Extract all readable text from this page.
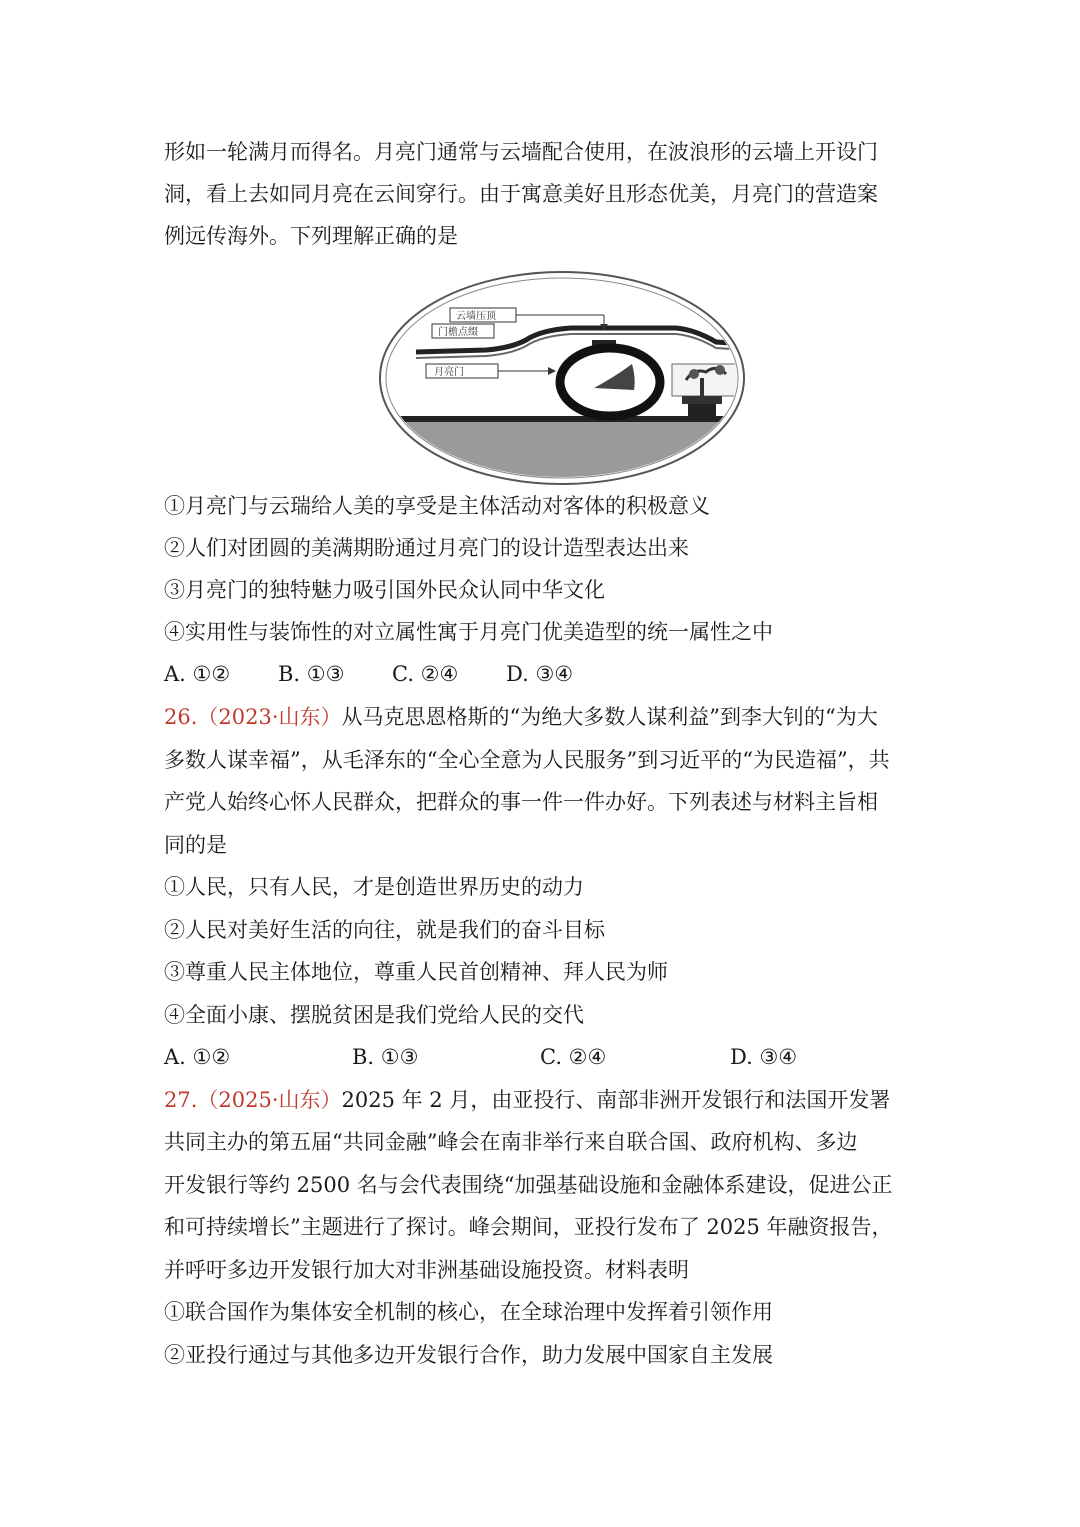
形如一轮满月而得名。月亮门通常与云墙配合使用，在波浪形的云墙上开设门
洞，看上去如同月亮在云间穿行。由于寓意美好且形态优美，月亮门的营造案
例远传海外。下列理解正确的是
云墙压顶
门檐点缀
月亮门
①月亮门与云瑞给人美的享受是主体活动对客体的积极意义
②人们对团圆的美满期盼通过月亮门的设计造型表达出来
③月亮门的独特魅力吸引国外民众认同中华文化
④实用性与装饰性的对立属性寓于月亮门优美造型的统一属性之中
A. ①② B. ①③ C. ②④ D. ③④
26.（2023·山东）从马克思恩格斯的“为绝大多数人谋利益”到李大钊的“为大
多数人谋幸福”，从毛泽东的“全心全意为人民服务”到习近平的“为民造福”，共
产党人始终心怀人民群众，把群众的事一件一件办好。下列表述与材料主旨相
同的是
①人民，只有人民，才是创造世界历史的动力
②人民对美好生活的向往，就是我们的奋斗目标
③尊重人民主体地位，尊重人民首创精神、拜人民为师
④全面小康、摆脱贫困是我们党给人民的交代
A. ①②	B. ①③	C. ②④	D. ③④
27.（2025·山东）2025 年 2 月，由亚投行、南部非洲开发银行和法国开发署
共同主办的第五届“共同金融”峰会在南非举行来自联合国、政府机构、多边
开发银行等约 2500 名与会代表围绕“加强基础设施和金融体系建设，促进公正
和可持续增长”主题进行了探讨。峰会期间，亚投行发布了 2025 年融资报告，
并呼吁多边开发银行加大对非洲基础设施投资。材料表明
①联合国作为集体安全机制的核心，在全球治理中发挥着引领作用
②亚投行通过与其他多边开发银行合作，助力发展中国家自主发展
